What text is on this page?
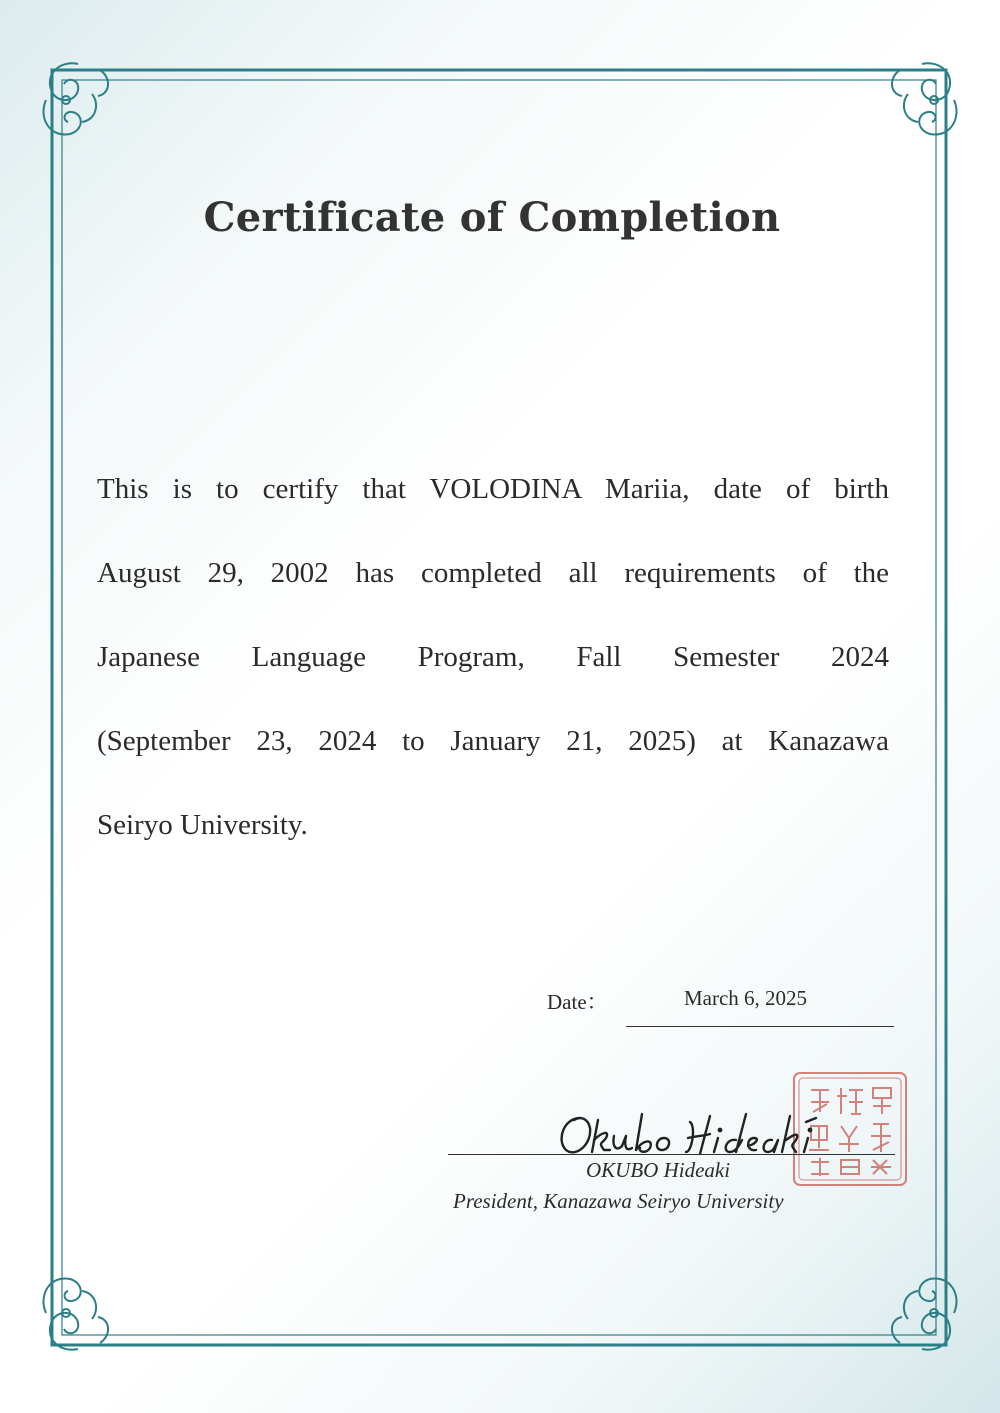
Certificate of Completion
This is to certify that VOLODINA Mariia, date of birth
August 29, 2002 has completed all requirements of the
Japanese Language Program, Fall Semester 2024
(September 23, 2024 to January 21, 2025) at Kanazawa
Seiryo University.
Date：	March 6, 2025
OKUBO Hideaki
President, Kanazawa Seiryo University
